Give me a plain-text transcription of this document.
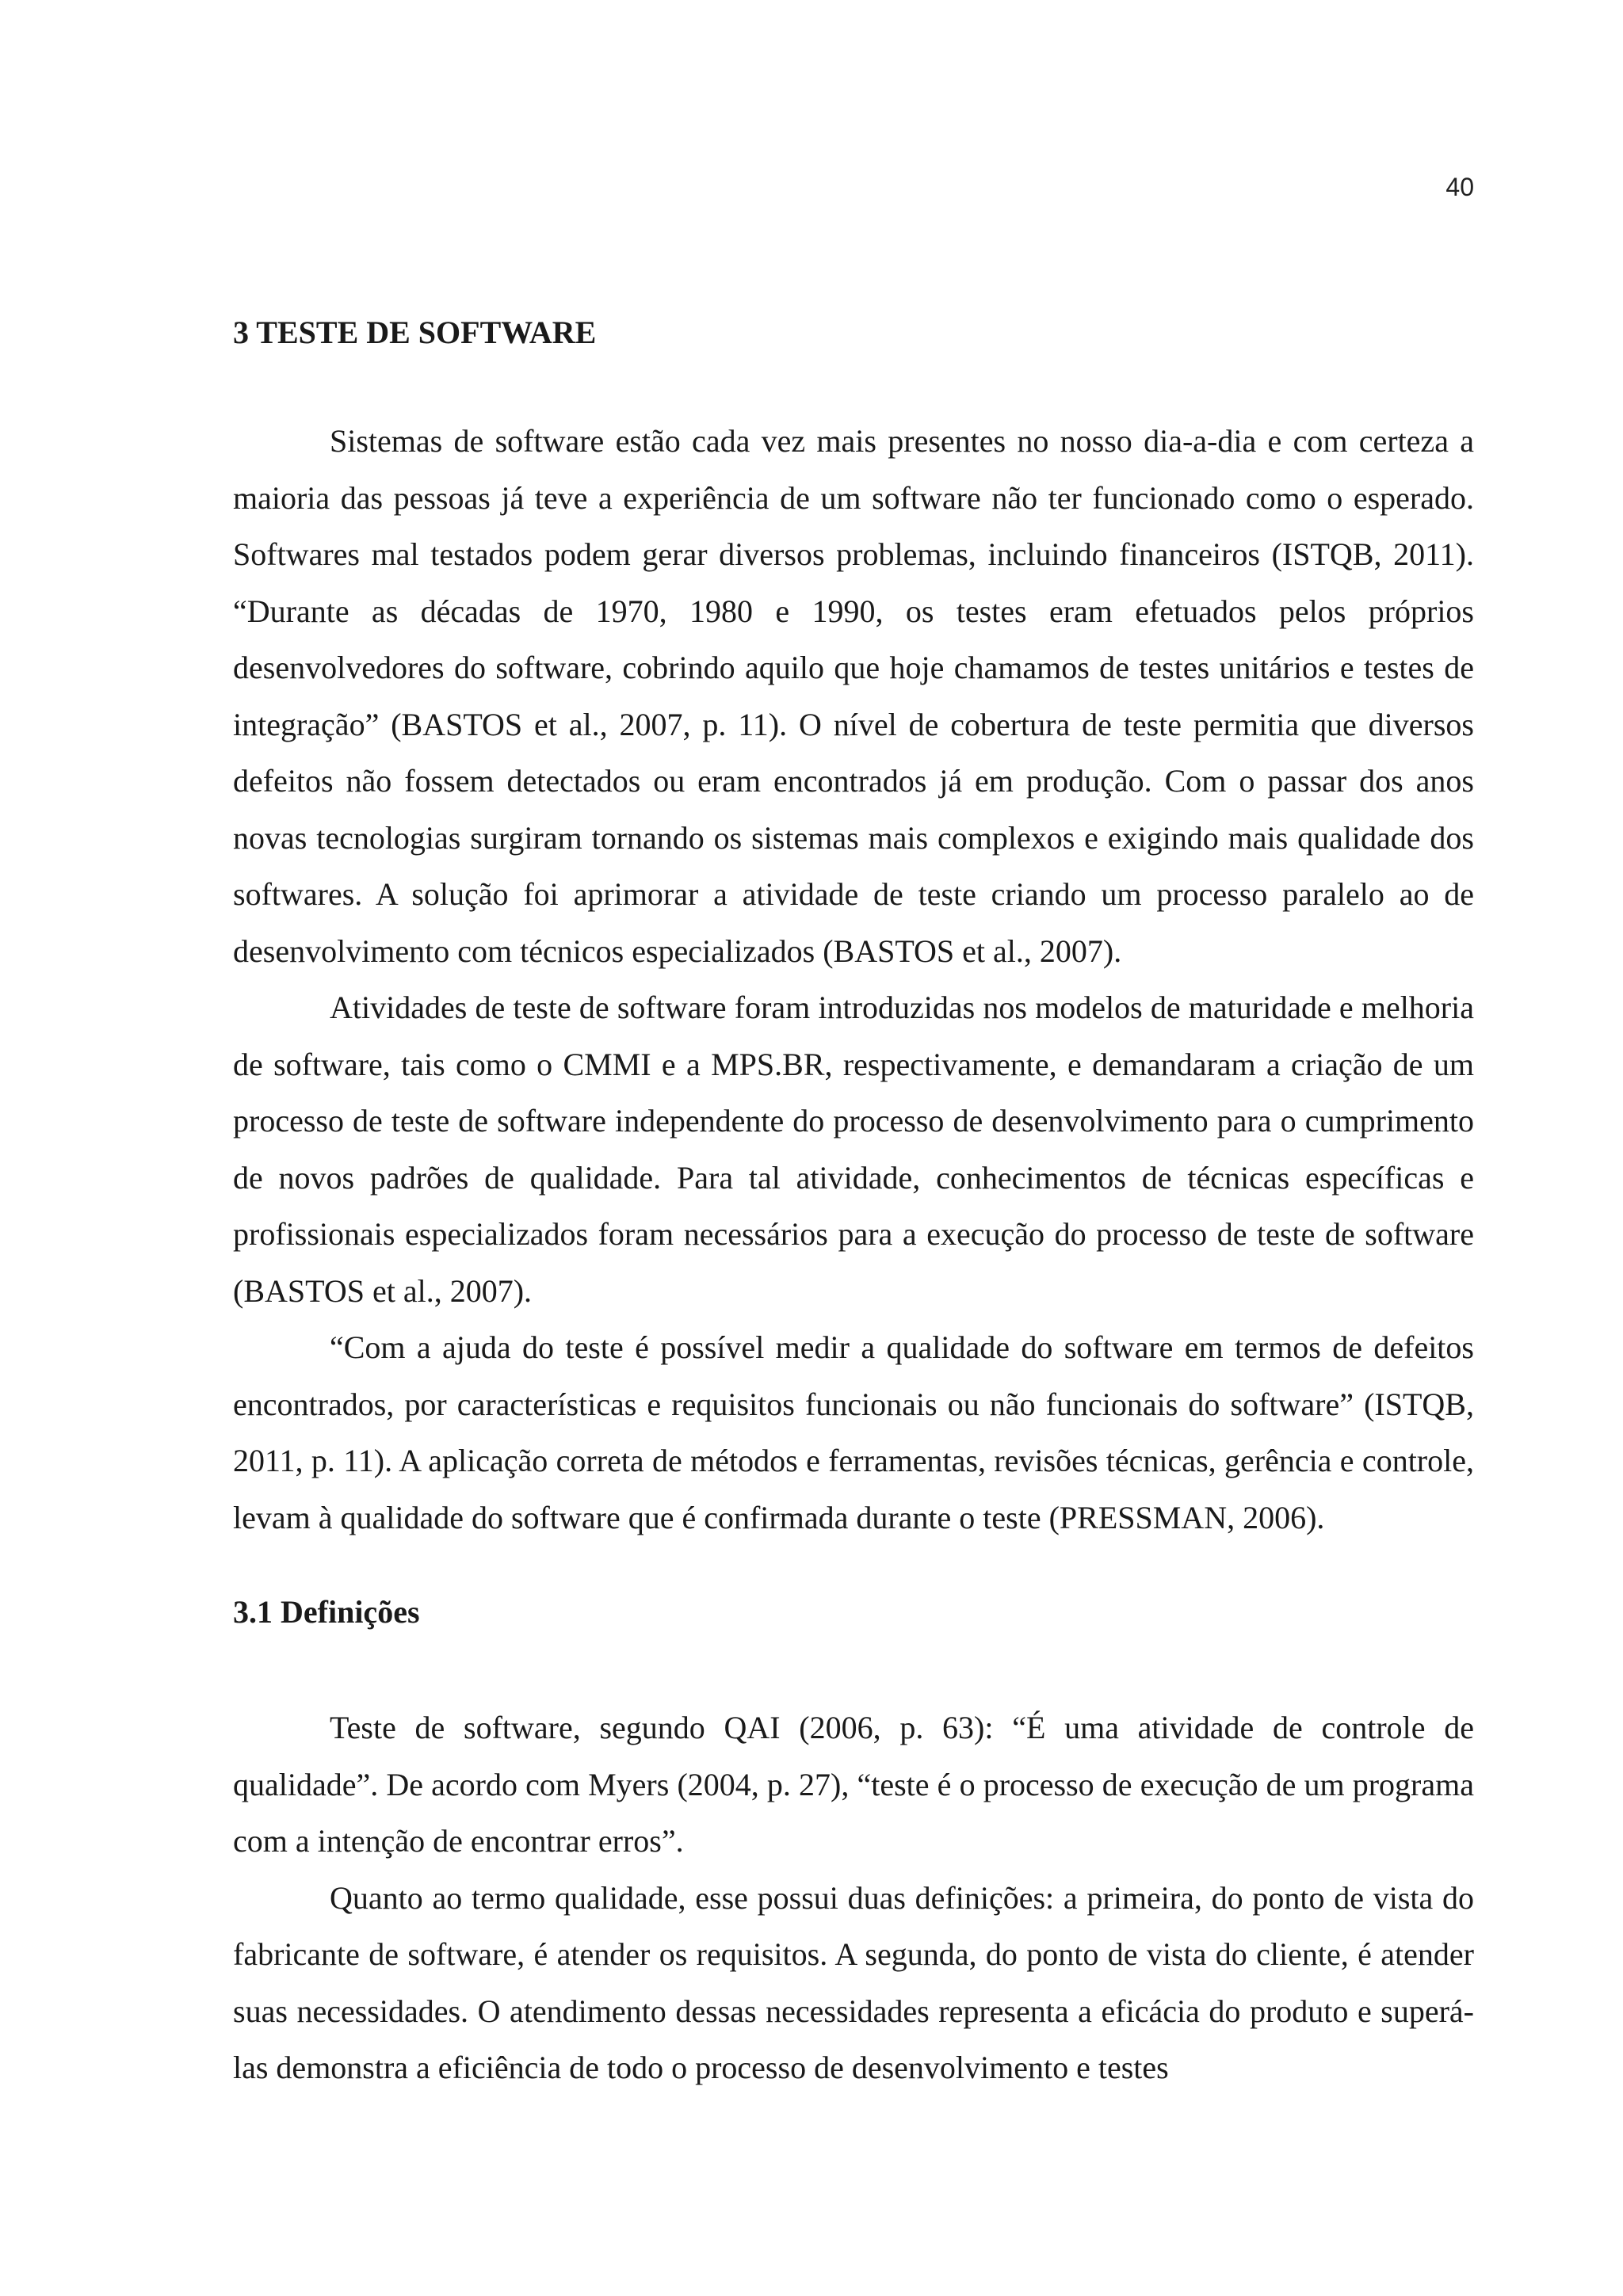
40
3 TESTE DE SOFTWARE

Sistemas de software estão cada vez mais presentes no nosso dia-a-dia e com certeza a maioria das pessoas já teve a experiência de um software não ter funcionado como o esperado. Softwares mal testados podem gerar diversos problemas, incluindo financeiros (ISTQB, 2011). “Durante as décadas de 1970, 1980 e 1990, os testes eram efetuados pelos próprios desenvolvedores do software, cobrindo aquilo que hoje chamamos de testes unitários e testes de integração” (BASTOS et al., 2007, p. 11). O nível de cobertura de teste permitia que diversos defeitos não fossem detectados ou eram encontrados já em produção. Com o passar dos anos novas tecnologias surgiram tornando os sistemas mais complexos e exigindo mais qualidade dos softwares. A solução foi aprimorar a atividade de teste criando um processo paralelo ao de desenvolvimento com técnicos especializados (BASTOS et al., 2007).

Atividades de teste de software foram introduzidas nos modelos de maturidade e melhoria de software, tais como o CMMI e a MPS.BR, respectivamente, e demandaram a criação de um processo de teste de software independente do processo de desenvolvimento para o cumprimento de novos padrões de qualidade. Para tal atividade, conhecimentos de técnicas específicas e profissionais especializados foram necessários para a execução do processo de teste de software (BASTOS et al., 2007).

“Com a ajuda do teste é possível medir a qualidade do software em termos de defeitos encontrados, por características e requisitos funcionais ou não funcionais do software” (ISTQB, 2011, p. 11). A aplicação correta de métodos e ferramentas, revisões técnicas, gerência e controle, levam à qualidade do software que é confirmada durante o teste (PRESSMAN, 2006).

3.1 Definições

Teste de software, segundo QAI (2006, p. 63): “É uma atividade de controle de qualidade”. De acordo com Myers (2004, p. 27), “teste é o processo de execução de um programa com a intenção de encontrar erros”.

Quanto ao termo qualidade, esse possui duas definições: a primeira, do ponto de vista do fabricante de software, é atender os requisitos. A segunda, do ponto de vista do cliente, é atender suas necessidades. O atendimento dessas necessidades representa a eficácia do produto e superá-las demonstra a eficiência de todo o processo de desenvolvimento e testes
